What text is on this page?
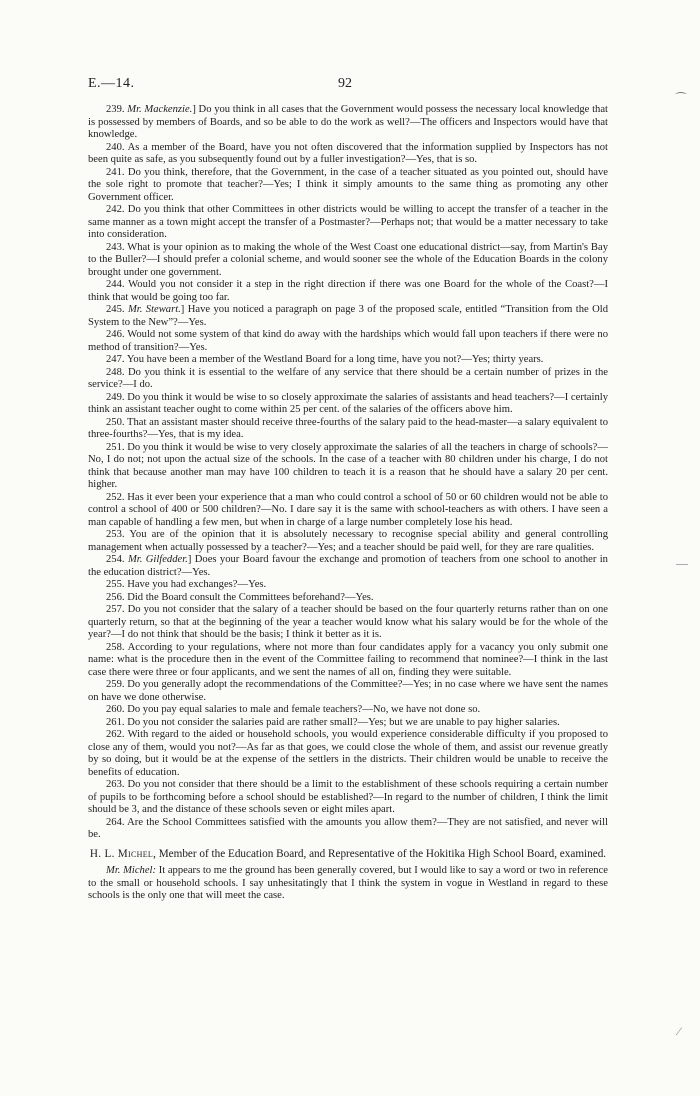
E.—14.	92

239. Mr. Mackenzie.] Do you think in all cases that the Government would possess the necessary local knowledge that is possessed by members of Boards, and so be able to do the work as well?—The officers and Inspectors would have that knowledge.

240. As a member of the Board, have you not often discovered that the information supplied by Inspectors has not been quite as safe, as you subsequently found out by a fuller investigation?—Yes, that is so.

241. Do you think, therefore, that the Government, in the case of a teacher situated as you pointed out, should have the sole right to promote that teacher?—Yes; I think it simply amounts to the same thing as promoting any other Government officer.

242. Do you think that other Committees in other districts would be willing to accept the transfer of a teacher in the same manner as a town might accept the transfer of a Postmaster?—Perhaps not; that would be a matter necessary to take into consideration.

243. What is your opinion as to making the whole of the West Coast one educational district—say, from Martin's Bay to the Buller?—I should prefer a colonial scheme, and would sooner see the whole of the Education Boards in the colony brought under one government.

244. Would you not consider it a step in the right direction if there was one Board for the whole of the Coast?—I think that would be going too far.

245. Mr. Stewart.] Have you noticed a paragraph on page 3 of the proposed scale, entitled “Transition from the Old System to the New”?—Yes.

246. Would not some system of that kind do away with the hardships which would fall upon teachers if there were no method of transition?—Yes.

247. You have been a member of the Westland Board for a long time, have you not?—Yes; thirty years.

248. Do you think it is essential to the welfare of any service that there should be a certain number of prizes in the service?—I do.

249. Do you think it would be wise to so closely approximate the salaries of assistants and head teachers?—I certainly think an assistant teacher ought to come within 25 per cent. of the salaries of the officers above him.

250. That an assistant master should receive three-fourths of the salary paid to the head-master—a salary equivalent to three-fourths?—Yes, that is my idea.

251. Do you think it would be wise to very closely approximate the salaries of all the teachers in charge of schools?—No, I do not; not upon the actual size of the schools. In the case of a teacher with 80 children under his charge, I do not think that because another man may have 100 children to teach it is a reason that he should have a salary 20 per cent. higher.

252. Has it ever been your experience that a man who could control a school of 50 or 60 children would not be able to control a school of 400 or 500 children?—No. I dare say it is the same with school-teachers as with others. I have seen a man capable of handling a few men, but when in charge of a large number completely lose his head.

253. You are of the opinion that it is absolutely necessary to recognise special ability and general controlling management when actually possessed by a teacher?—Yes; and a teacher should be paid well, for they are rare qualities.

254. Mr. Gilfedder.] Does your Board favour the exchange and promotion of teachers from one school to another in the education district?—Yes.

255. Have you had exchanges?—Yes.

256. Did the Board consult the Committees beforehand?—Yes.

257. Do you not consider that the salary of a teacher should be based on the four quarterly returns rather than on one quarterly return, so that at the beginning of the year a teacher would know what his salary would be for the whole of the year?—I do not think that should be the basis; I think it better as it is.

258. According to your regulations, where not more than four candidates apply for a vacancy you only submit one name: what is the procedure then in the event of the Committee failing to recommend that nominee?—I think in the last case there were three or four applicants, and we sent the names of all on, finding they were suitable.

259. Do you generally adopt the recommendations of the Committee?—Yes; in no case where we have sent the names on have we done otherwise.

260. Do you pay equal salaries to male and female teachers?—No, we have not done so.

261. Do you not consider the salaries paid are rather small?—Yes; but we are unable to pay higher salaries.

262. With regard to the aided or household schools, you would experience considerable difficulty if you proposed to close any of them, would you not?—As far as that goes, we could close the whole of them, and assist our revenue greatly by so doing, but it would be at the expense of the settlers in the districts. Their children would be unable to receive the benefits of education.

263. Do you not consider that there should be a limit to the establishment of these schools requiring a certain number of pupils to be forthcoming before a school should be established?—In regard to the number of children, I think the limit should be 3, and the distance of these schools seven or eight miles apart.

264. Are the School Committees satisfied with the amounts you allow them?—They are not satisfied, and never will be.

H. L. Michel, Member of the Education Board, and Representative of the Hokitika High School Board, examined.

Mr. Michel: It appears to me the ground has been generally covered, but I would like to say a word or two in reference to the small or household schools. I say unhesitatingly that I think the system in vogue in Westland in regard to these schools is the only one that will meet the case.

⁀
—
⁄
